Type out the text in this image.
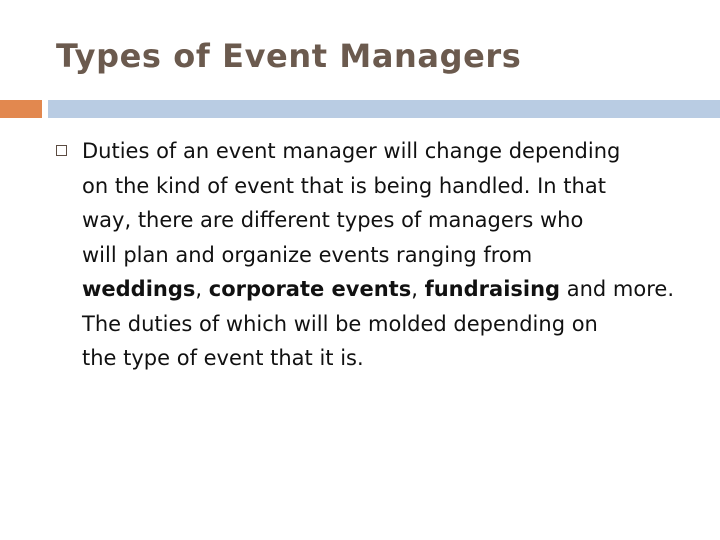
Types of Event Managers
Duties of an event manager will change depending
on the kind of event that is being handled. In that
way, there are different types of managers who
will plan and organize events ranging from
weddings, corporate events, fundraising and more.
The duties of which will be molded depending on
the type of event that it is.
